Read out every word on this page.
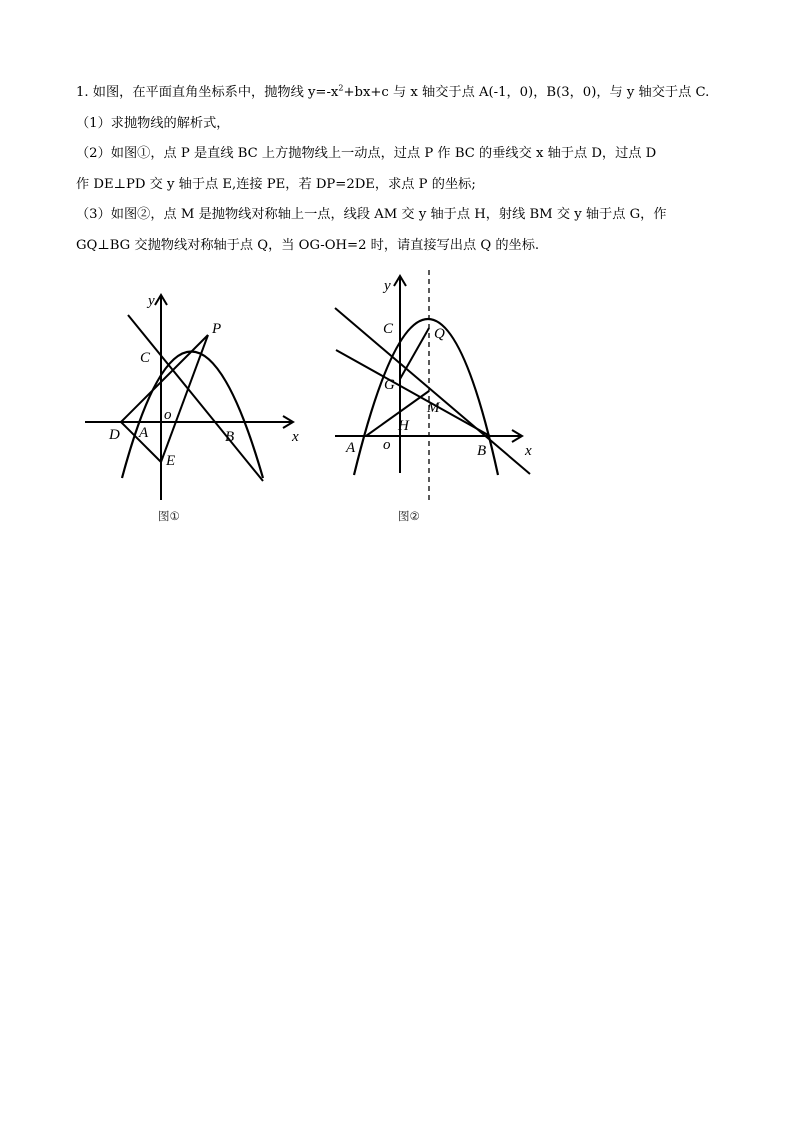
1. 如图，在平面直角坐标系中，抛物线 $y=-x^2+bx+c$ 与 x 轴交于点 A(-1，0)，B(3，0)，与 y 轴交于点 C.
（1）求抛物线的解析式，
（2）如图①，点 P 是直线 BC 上方抛物线上一动点，过点 P 作 BC 的垂线交 x 轴于点 D，过点 D
作 DE⊥PD 交 y 轴于点 E,连接 PE，若 DP=2DE，求点 P 的坐标;
（3）如图②，点 M 是抛物线对称轴上一点，线段 AM 交 y 轴于点 H，射线 BM 交 y 轴于点 G，作
GQ⊥BG 交抛物线对称轴于点 Q，当 OG-OH=2 时，请直接写出点 Q 的坐标.
y
x
C
P
o
D A	B
E
图①
y
x
C	Q
G
M
H
A o	B
图②
